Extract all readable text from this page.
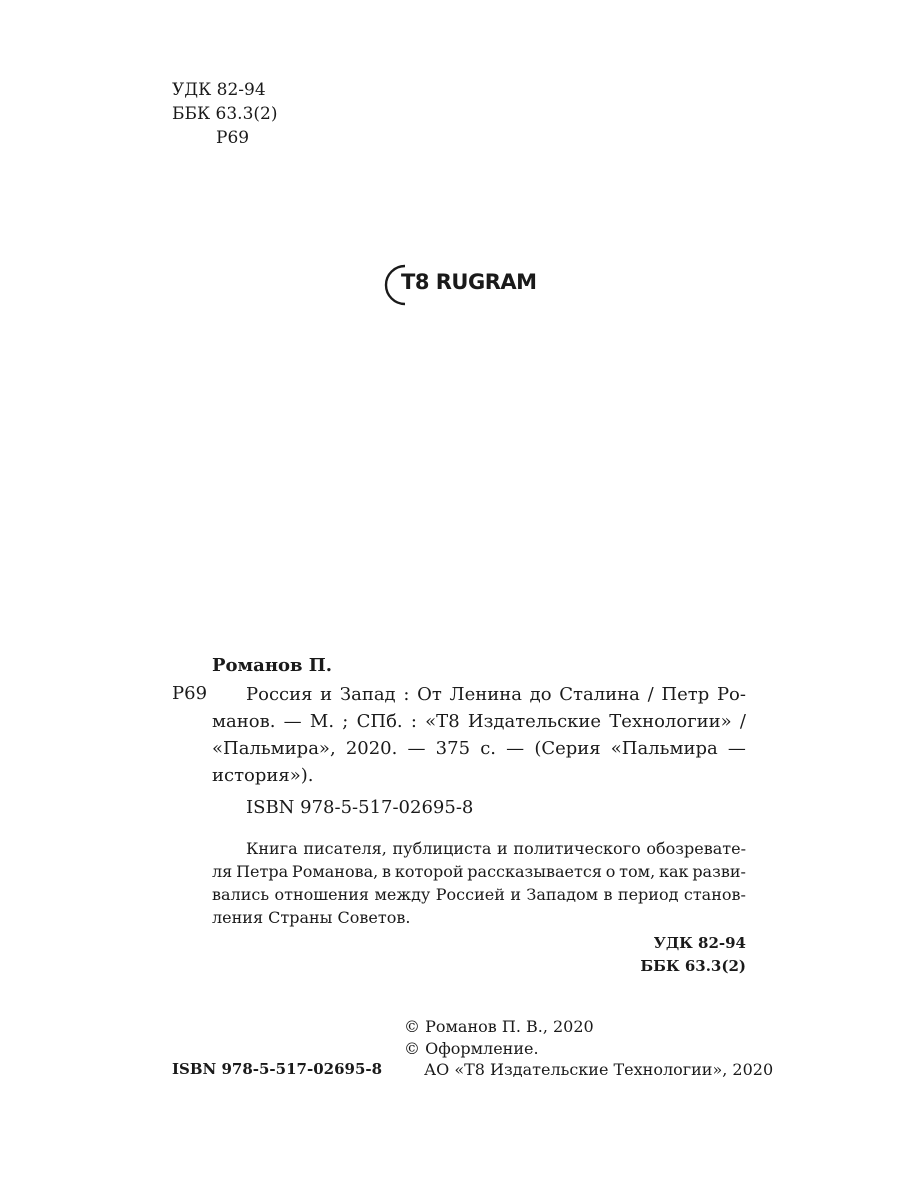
УДК 82-94
ББК 63.3(2)
Р69
T8 RUGRAM
Романов П.
Р69 Россия и Запад : От Ленина до Сталина / Петр Ро-
манов. — М. ; СПб. : «Т8 Издательские Технологии» /
«Пальмира», 2020. — 375 с. — (Серия «Пальмира —
история»).
ISBN 978-5-517-02695-8
Книга писателя, публициста и политического обозревате-
ля Петра Романова, в которой рассказывается о том, как разви-
вались отношения между Россией и Западом в период станов-
ления Страны Советов.
УДК 82-94
ББК 63.3(2)
© Романов П. В., 2020
© Оформление.
ISBN 978-5-517-02695-8	АО «Т8 Издательские Технологии», 2020
